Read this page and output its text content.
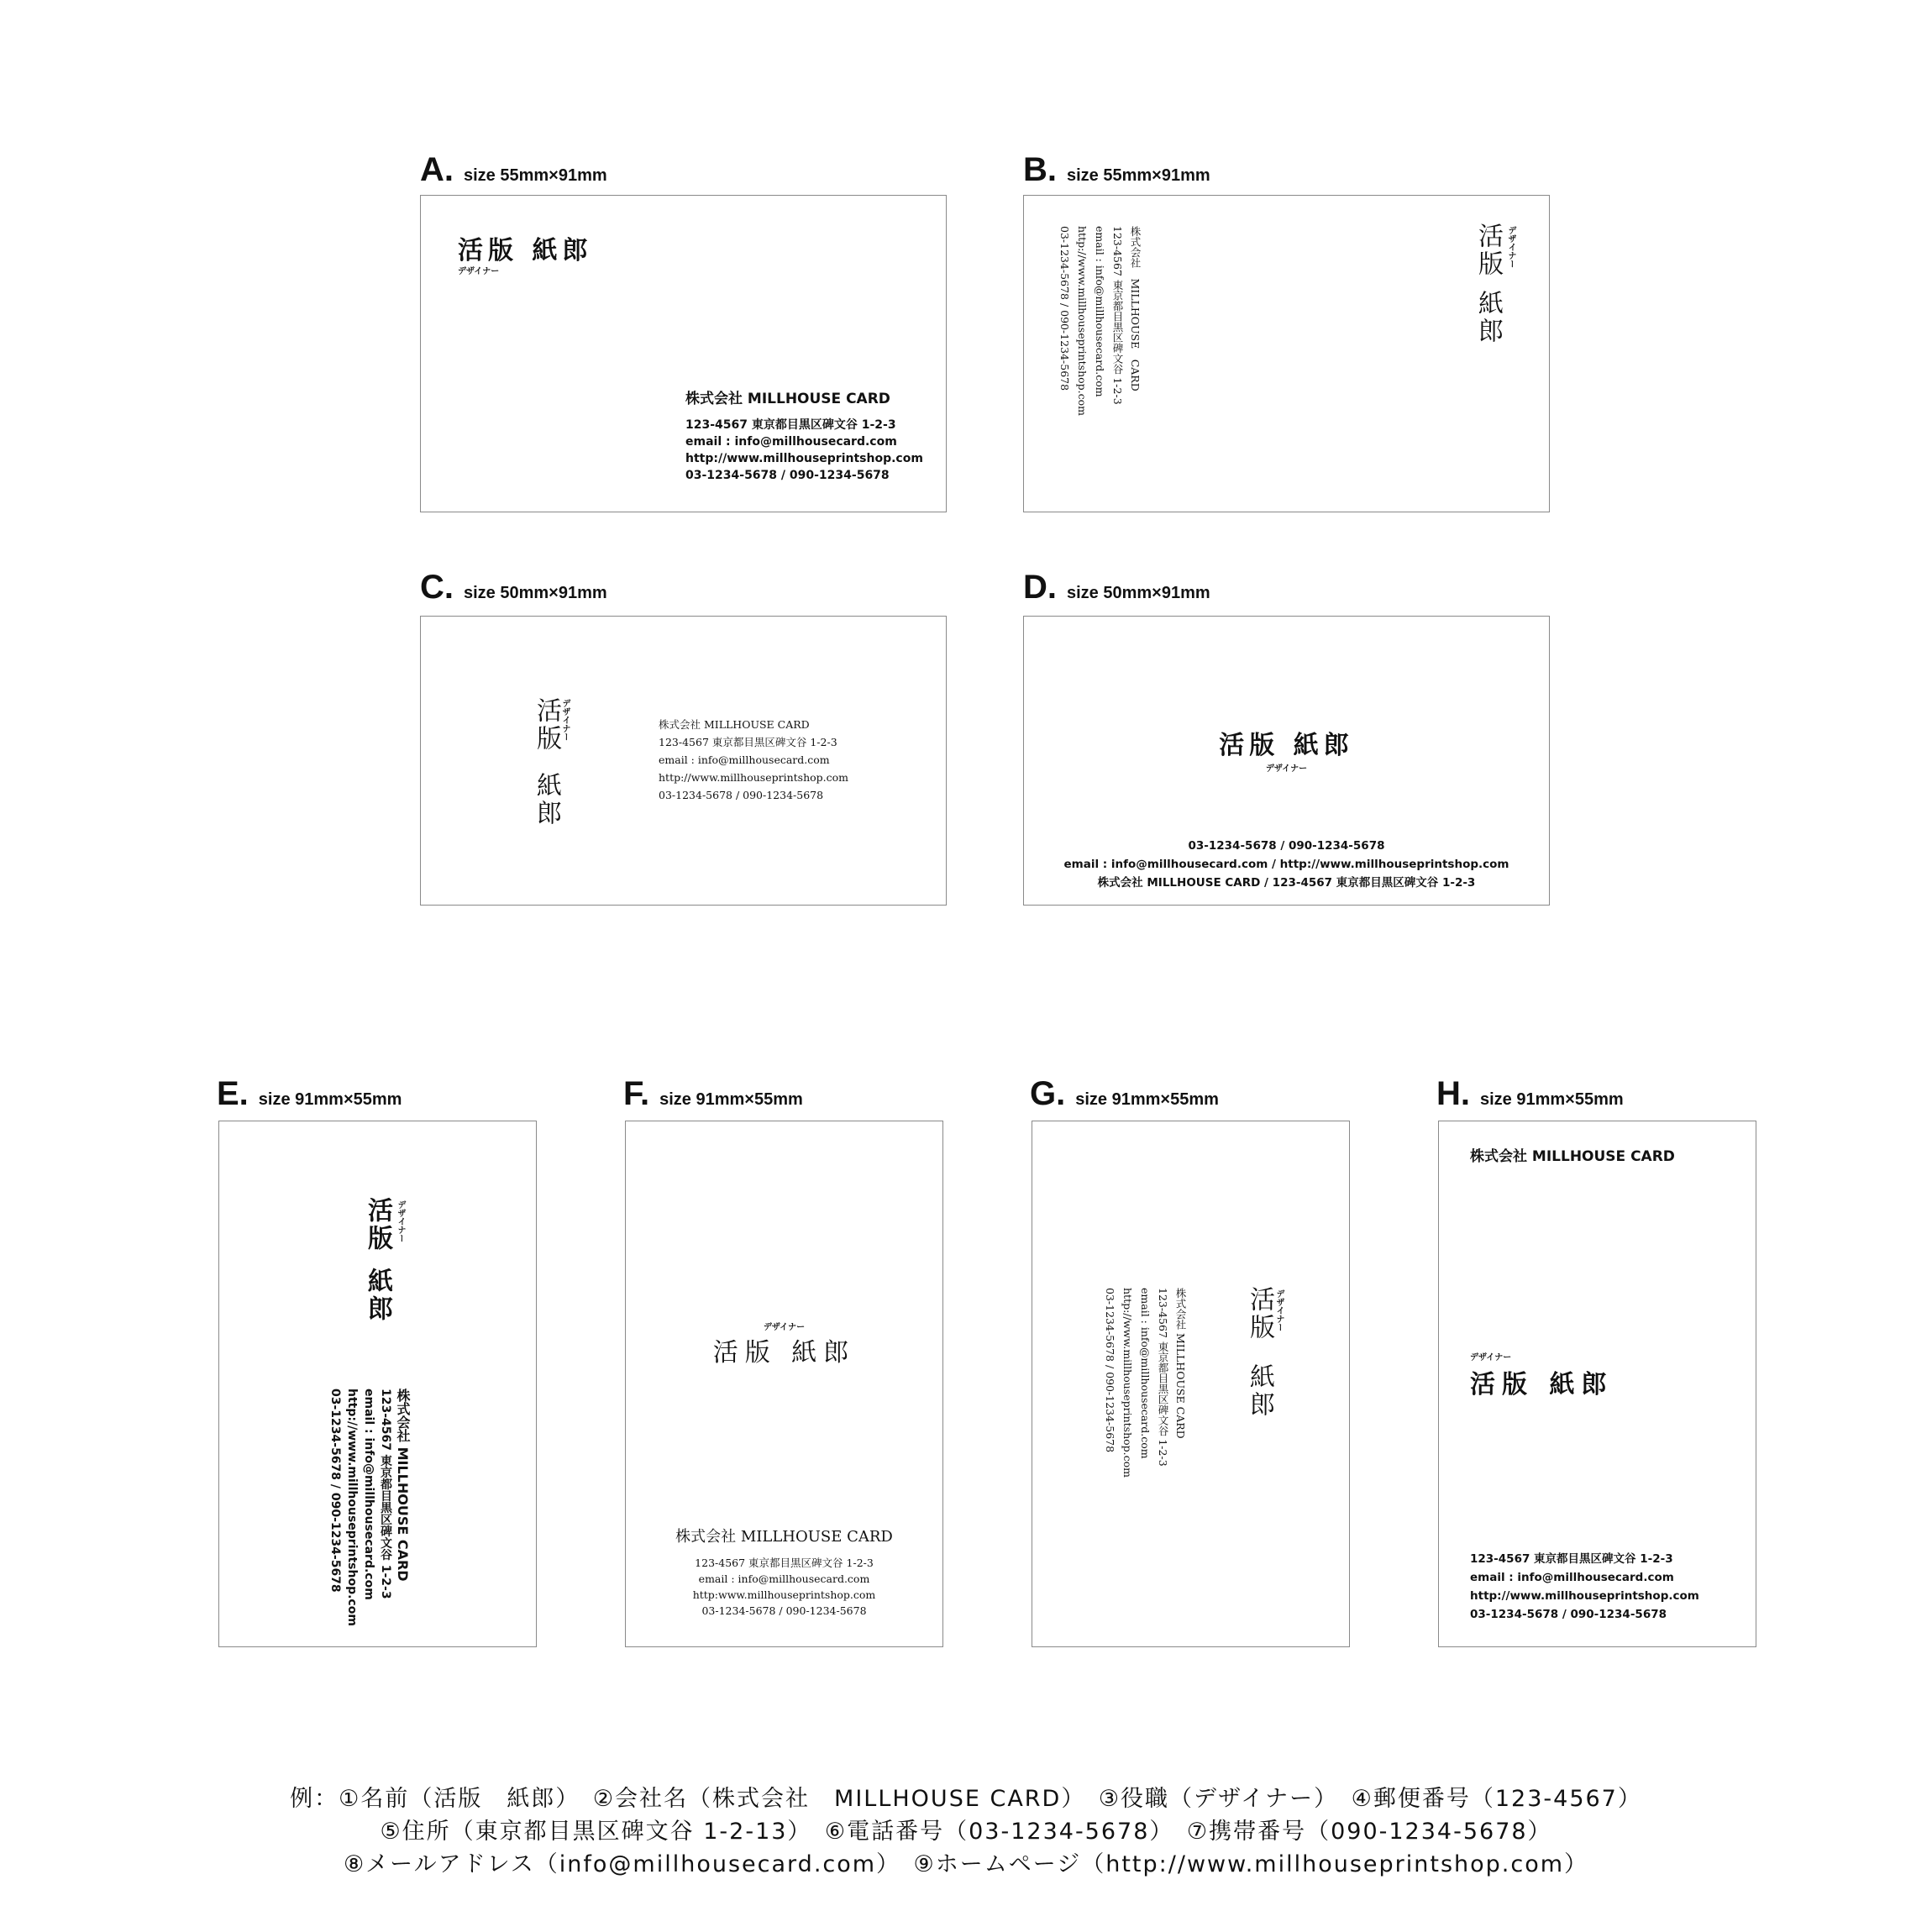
A. size 55mm×91mm
活版 紙郎
デザイナー
株式会社 MILLHOUSE CARD
123-4567 東京都目黒区碑文谷 1-2-3
email : info@millhousecard.com
http://www.millhouseprintshop.com
03-1234-5678 / 090-1234-5678
B. size 55mm×91mm
活版
紙郎
デザイナー
株式会社　MILLHOUSE　CARD
123-4567 東京都目黒区碑文谷 1-2-3
email : info@millhousecard.com
http://www.millhouseprintshop.com
03-1234-5678 / 090-1234-5678
C. size 50mm×91mm
活版
紙郎
デザイナー	株式会社 MILLHOUSE CARD
123-4567 東京都目黒区碑文谷 1-2-3
email : info@millhousecard.com
http://www.millhouseprintshop.com
03-1234-5678 / 090-1234-5678
D. size 50mm×91mm
活版 紙郎
デザイナー
03-1234-5678 / 090-1234-5678
email : info@millhousecard.com / http://www.millhouseprintshop.com
株式会社 MILLHOUSE CARD / 123-4567 東京都目黒区碑文谷 1-2-3
E. size 91mm×55mm
活版
紙郎
デザイナー
株式会社 MILLHOUSE CARD
123-4567 東京都目黒区碑文谷 1-2-3
email : info@millhousecard.com
http://www.millhouseprintshop.com
03-1234-5678 / 090-1234-5678
F. size 91mm×55mm
デザイナー
活版 紙郎
株式会社 MILLHOUSE CARD
123-4567 東京都目黒区碑文谷 1-2-3
email : info@millhousecard.com
http:www.millhouseprintshop.com
03-1234-5678 / 090-1234-5678
G. size 91mm×55mm
活版
紙郎
デザイナー
株式会社 MILLHOUSE CARD
123-4567 東京都目黒区碑文谷 1-2-3
email : info@millhousecard.com
http://www.millhouseprintshop.com
03-1234-5678 / 090-1234-5678
H. size 91mm×55mm
株式会社 MILLHOUSE CARD
デザイナー
活版 紙郎
123-4567 東京都目黒区碑文谷 1-2-3
email : info@millhousecard.com
http://www.millhouseprintshop.com
03-1234-5678 / 090-1234-5678
例：①名前（活版　紙郎）　②会社名（株式会社　MILLHOUSE CARD）　③役職（デザイナー）　④郵便番号（123-4567）
⑤住所（東京都目黒区碑文谷 1-2-13）　⑥電話番号（03-1234-5678）　⑦携帯番号（090-1234-5678）
⑧メールアドレス（info@millhousecard.com）　⑨ホームページ（http://www.millhouseprintshop.com）
